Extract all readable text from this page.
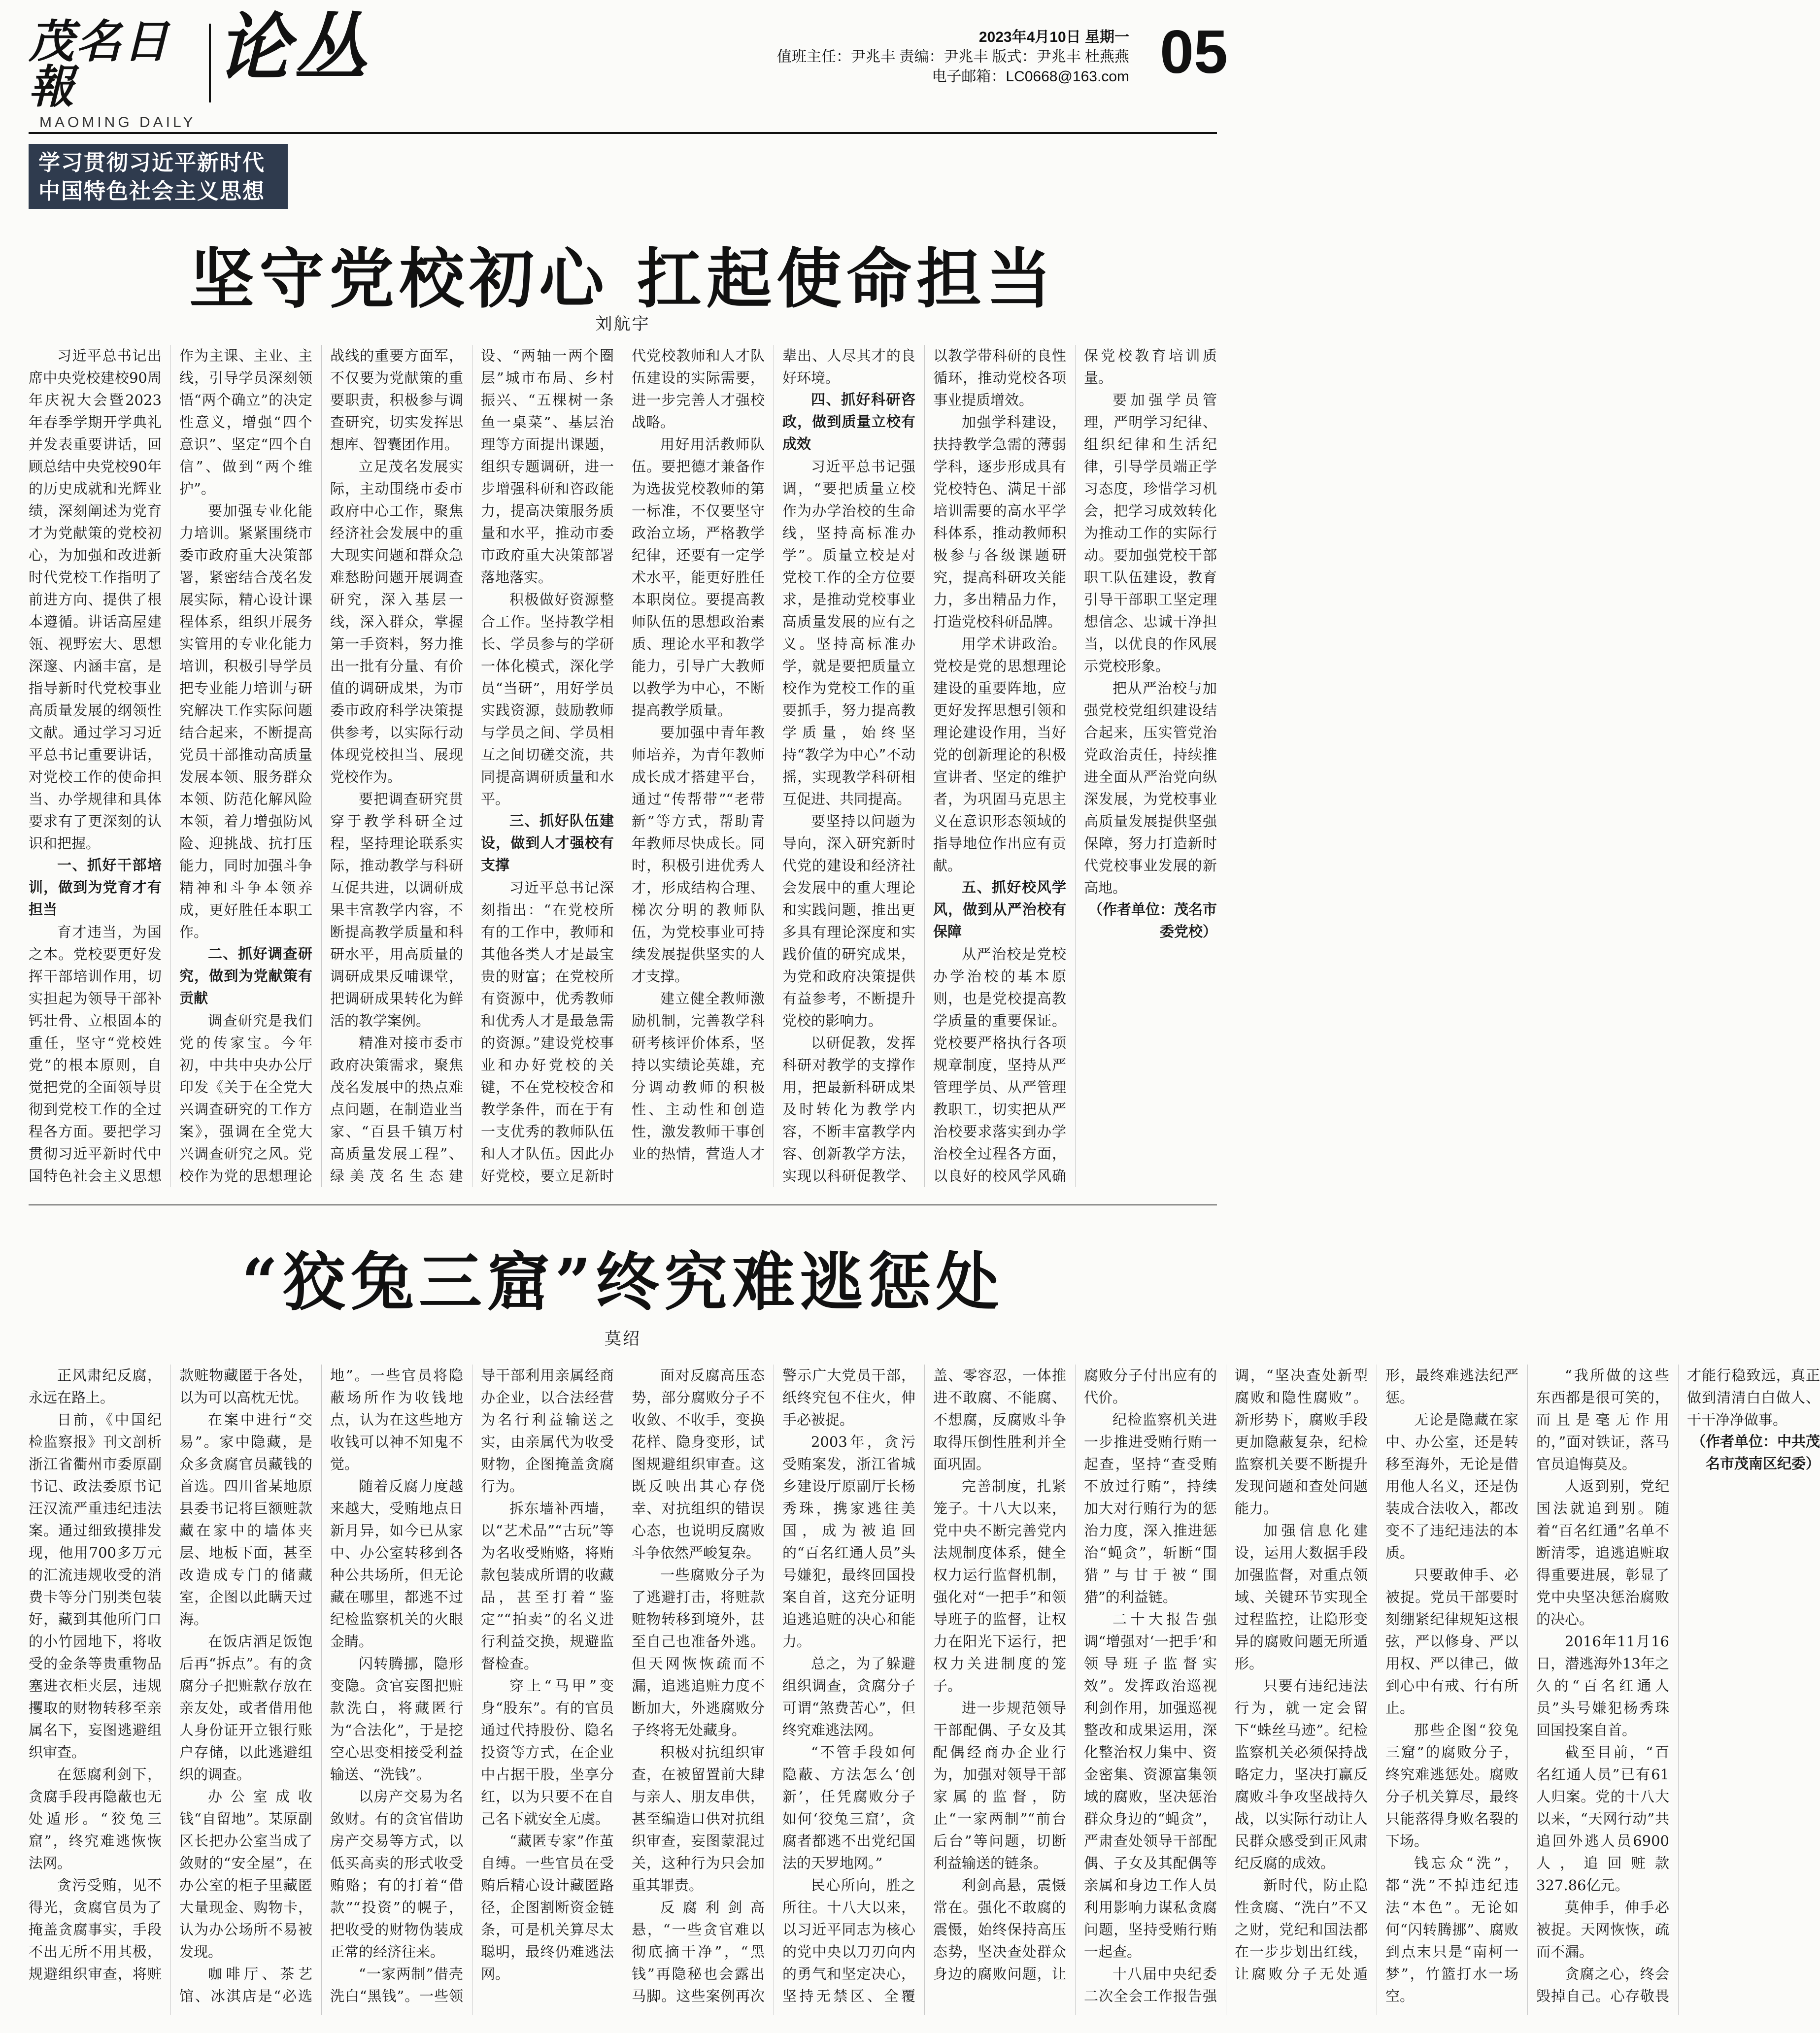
茂名日報
MAOMING DAILY
论丛	2023年4月10日 星期一
值班主任：尹兆丰 责编：尹兆丰 版式：尹兆丰 杜燕燕
电子邮箱：LC0668@163.com 05
学习贯彻习近平新时代
中国特色社会主义思想
坚守党校初心 扛起使命担当
刘航宇

习近平总书记出席中央党校建校90周年庆祝大会暨2023年春季学期开学典礼并发表重要讲话，回顾总结中央党校90年的历史成就和光辉业绩，深刻阐述为党育才为党献策的党校初心，为加强和改进新时代党校工作指明了前进方向、提供了根本遵循。讲话高屋建瓴、视野宏大、思想深邃、内涵丰富，是指导新时代党校事业高质量发展的纲领性文献。通过学习习近平总书记重要讲话，对党校工作的使命担当、办学规律和具体要求有了更深刻的认识和把握。

一、抓好干部培训，做到为党育才有担当

育才违当，为国之本。党校要更好发挥干部培训作用，切实担起为领导干部补钙壮骨、立根固本的重任，坚守“党校姓党”的根本原则，自觉把党的全面领导贯彻到党校工作的全过程各方面。要把学习贯彻习近平新时代中国特色社会主义思想作为主课、主业、主线，引导学员深刻领悟“两个确立”的决定性意义，增强“四个意识”、坚定“四个自信”、做到“两个维护”。

要加强专业化能力培训。紧紧围绕市委市政府重大决策部署，紧密结合茂名发展实际，精心设计课程体系，组织开展务实管用的专业化能力培训，积极引导学员把专业能力培训与研究解决工作实际问题结合起来，不断提高党员干部推动高质量发展本领、服务群众本领、防范化解风险本领，着力增强防风险、迎挑战、抗打压能力，同时加强斗争精神和斗争本领养成，更好胜任本职工作。

二、抓好调查研究，做到为党献策有贡献

调查研究是我们党的传家宝。今年初，中共中央办公厅印发《关于在全党大兴调查研究的工作方案》，强调在全党大兴调查研究之风。党校作为党的思想理论战线的重要方面军，不仅要为党献策的重要职责，积极参与调查研究，切实发挥思想库、智囊团作用。

立足茂名发展实际，主动围绕市委市政府中心工作，聚焦经济社会发展中的重大现实问题和群众急难愁盼问题开展调查研究，深入基层一线，深入群众，掌握第一手资料，努力推出一批有分量、有价值的调研成果，为市委市政府科学决策提供参考，以实际行动体现党校担当、展现党校作为。

要把调查研究贯穿于教学科研全过程，坚持理论联系实际，推动教学与科研互促共进，以调研成果丰富教学内容，不断提高教学质量和科研水平，用高质量的调研成果反哺课堂，把调研成果转化为鲜活的教学案例。

精准对接市委市政府决策需求，聚焦茂名发展中的热点难点问题，在制造业当家、“百县千镇万村高质量发展工程”、绿美茂名生态建设、“两轴一两个圈层”城市布局、乡村振兴、“五棵树一条鱼一桌菜”、基层治理等方面提出课题，组织专题调研，进一步增强科研和咨政能力，提高决策服务质量和水平，推动市委市政府重大决策部署落地落实。

积极做好资源整合工作。坚持教学相长、学员参与的学研一体化模式，深化学员“当研”，用好学员实践资源，鼓励教师与学员之间、学员相互之间切磋交流，共同提高调研质量和水平。

三、抓好队伍建设，做到人才强校有支撑

习近平总书记深刻指出：“在党校所有的工作中，教师和其他各类人才是最宝贵的财富；在党校所有资源中，优秀教师和优秀人才是最急需的资源。”建设党校事业和办好党校的关键，不在党校校舍和教学条件，而在于有一支优秀的教师队伍和人才队伍。因此办好党校，要立足新时代党校教师和人才队伍建设的实际需要，进一步完善人才强校战略。

用好用活教师队伍。要把德才兼备作为选拔党校教师的第一标准，不仅要坚守政治立场，严格教学纪律，还要有一定学术水平，能更好胜任本职岗位。要提高教师队伍的思想政治素质、理论水平和教学能力，引导广大教师以教学为中心，不断提高教学质量。

要加强中青年教师培养，为青年教师成长成才搭建平台，通过“传帮带”“老带新”等方式，帮助青年教师尽快成长。同时，积极引进优秀人才，形成结构合理、梯次分明的教师队伍，为党校事业可持续发展提供坚实的人才支撑。

建立健全教师激励机制，完善教学科研考核评价体系，坚持以实绩论英雄，充分调动教师的积极性、主动性和创造性，激发教师干事创业的热情，营造人才辈出、人尽其才的良好环境。

四、抓好科研咨政，做到质量立校有成效

习近平总书记强调，“要把质量立校作为办学治校的生命线，坚持高标准办学”。质量立校是对党校工作的全方位要求，是推动党校事业高质量发展的应有之义。坚持高标准办学，就是要把质量立校作为党校工作的重要抓手，努力提高教学质量，始终坚持“教学为中心”不动摇，实现教学科研相互促进、共同提高。

要坚持以问题为导向，深入研究新时代党的建设和经济社会发展中的重大理论和实践问题，推出更多具有理论深度和实践价值的研究成果，为党和政府决策提供有益参考，不断提升党校的影响力。

以研促教，发挥科研对教学的支撑作用，把最新科研成果及时转化为教学内容，不断丰富教学内容、创新教学方法，实现以科研促教学、以教学带科研的良性循环，推动党校各项事业提质增效。

加强学科建设，扶持教学急需的薄弱学科，逐步形成具有党校特色、满足干部培训需要的高水平学科体系，推动教师积极参与各级课题研究，提高科研攻关能力，多出精品力作，打造党校科研品牌。

用学术讲政治。党校是党的思想理论建设的重要阵地，应更好发挥思想引领和理论建设作用，当好党的创新理论的积极宣讲者、坚定的维护者，为巩固马克思主义在意识形态领域的指导地位作出应有贡献。

五、抓好校风学风，做到从严治校有保障

从严治校是党校办学治校的基本原则，也是党校提高教学质量的重要保证。党校要严格执行各项规章制度，坚持从严管理学员、从严管理教职工，切实把从严治校要求落实到办学治校全过程各方面，以良好的校风学风确保党校教育培训质量。

要加强学员管理，严明学习纪律、组织纪律和生活纪律，引导学员端正学习态度，珍惜学习机会，把学习成效转化为推动工作的实际行动。要加强党校干部职工队伍建设，教育引导干部职工坚定理想信念、忠诚干净担当，以优良的作风展示党校形象。

把从严治校与加强党校党组织建设结合起来，压实管党治党政治责任，持续推进全面从严治党向纵深发展，为党校事业高质量发展提供坚强保障，努力打造新时代党校事业发展的新高地。

（作者单位：茂名市委党校）

“狡兔三窟”终究难逃惩处
莫绍

正风肃纪反腐，永远在路上。

日前，《中国纪检监察报》刊文剖析浙江省衢州市委原副书记、政法委原书记汪汉流严重违纪违法案。通过细致摸排发现，他用700多万元的汇流违规收受的消费卡等分门别类包装好，藏到其他所门口的小竹园地下，将收受的金条等贵重物品塞进衣柜夹层，违规攫取的财物转移至亲属名下，妄图逃避组织审查。

在惩腐利剑下，贪腐手段再隐蔽也无处遁形。“狡兔三窟”，终究难逃恢恢法网。

贪污受贿，见不得光，贪腐官员为了掩盖贪腐事实，手段不出无所不用其极，规避组织审查，将赃款赃物藏匿于各处，以为可以高枕无忧。

在案中进行“交易”。家中隐藏，是众多贪腐官员藏钱的首选。四川省某地原县委书记将巨额赃款藏在家中的墙体夹层、地板下面，甚至改造成专门的储藏室，企图以此瞒天过海。

在饭店酒足饭饱后再“拆点”。有的贪腐分子把赃款存放在亲友处，或者借用他人身份证开立银行账户存储，以此逃避组织的调查。

办公室成收钱“自留地”。某原副区长把办公室当成了敛财的“安全屋”，在办公室的柜子里藏匿大量现金、购物卡，认为办公场所不易被发现。

咖啡厅、茶艺馆、冰淇店是“必选地”。一些官员将隐蔽场所作为收钱地点，认为在这些地方收钱可以神不知鬼不觉。

随着反腐力度越来越大，受贿地点日新月异，如今已从家中、办公室转移到各种公共场所，但无论藏在哪里，都逃不过纪检监察机关的火眼金睛。

闪转腾挪，隐形变隐。贪官妄图把赃款洗白，将藏匿行为“合法化”，于是挖空心思变相接受利益输送、“洗钱”。

以房产交易为名敛财。有的贪官借助房产交易等方式，以低买高卖的形式收受贿赂；有的打着“借款”“投资”的幌子，把收受的财物伪装成正常的经济往来。

“一家两制”借壳洗白“黑钱”。一些领导干部利用亲属经商办企业，以合法经营为名行利益输送之实，由亲属代为收受财物，企图掩盖贪腐行为。

拆东墙补西墙，以“艺术品”“古玩”等为名收受贿赂，将贿款包装成所谓的收藏品，甚至打着“鉴定”“拍卖”的名义进行利益交换，规避监督检查。

穿上“马甲”变身“股东”。有的官员通过代持股份、隐名投资等方式，在企业中占据干股，坐享分红，以为只要不在自己名下就安全无虞。

“藏匿专家”作茧自缚。一些官员在受贿后精心设计藏匿路径，企图割断资金链条，可是机关算尽太聪明，最终仍难逃法网。

面对反腐高压态势，部分腐败分子不收敛、不收手，变换花样、隐身变形，试图规避组织审查。这既反映出其心存侥幸、对抗组织的错误心态，也说明反腐败斗争依然严峻复杂。

一些腐败分子为了逃避打击，将赃款赃物转移到境外，甚至自己也准备外逃。但天网恢恢疏而不漏，追逃追赃力度不断加大，外逃腐败分子终将无处藏身。

积极对抗组织审查，在被留置前大肆与亲人、朋友串供，甚至编造口供对抗组织审查，妄图蒙混过关，这种行为只会加重其罪责。

反腐利剑高悬，“一些贪官难以彻底摘干净”，“黑钱”再隐秘也会露出马脚。这些案例再次警示广大党员干部，纸终究包不住火，伸手必被捉。

2003年，贪污受贿案发，浙江省城乡建设厅原副厅长杨秀珠，携家逃往美国，成为被追回的“百名红通人员”头号嫌犯，最终回国投案自首，这充分证明追逃追赃的决心和能力。

总之，为了躲避组织调查，贪腐分子可谓“煞费苦心”，但终究难逃法网。

“不管手段如何隐蔽、方法怎么‘创新’，任凭腐败分子如何‘狡兔三窟’，贪腐者都逃不出党纪国法的天罗地网。”

民心所向，胜之所往。十八大以来，以习近平同志为核心的党中央以刀刃向内的勇气和坚定决心，坚持无禁区、全覆盖、零容忍，一体推进不敢腐、不能腐、不想腐，反腐败斗争取得压倒性胜利并全面巩固。

完善制度，扎紧笼子。十八大以来，党中央不断完善党内法规制度体系，健全权力运行监督机制，强化对“一把手”和领导班子的监督，让权力在阳光下运行，把权力关进制度的笼子。

进一步规范领导干部配偶、子女及其配偶经商办企业行为，加强对领导干部家属的监督，防止“一家两制”“前台后台”等问题，切断利益输送的链条。

利剑高悬，震慑常在。强化不敢腐的震慑，始终保持高压态势，坚决查处群众身边的腐败问题，让腐败分子付出应有的代价。

纪检监察机关进一步推进受贿行贿一起查，坚持“查受贿不放过行贿”，持续加大对行贿行为的惩治力度，深入推进惩治“蝇贪”，斩断“围猎”与甘于被“围猎”的利益链。

二十大报告强调“增强对‘一把手’和领导班子监督实效”。发挥政治巡视利剑作用，加强巡视整改和成果运用，深化整治权力集中、资金密集、资源富集领域的腐败，坚决惩治群众身边的“蝇贪”，严肃查处领导干部配偶、子女及其配偶等亲属和身边工作人员利用影响力谋私贪腐问题，坚持受贿行贿一起查。

十八届中央纪委二次全会工作报告强调，“坚决查处新型腐败和隐性腐败”。新形势下，腐败手段更加隐蔽复杂，纪检监察机关要不断提升发现问题和查处问题能力。

加强信息化建设，运用大数据手段加强监督，对重点领域、关键环节实现全过程监控，让隐形变异的腐败问题无所遁形。

只要有违纪违法行为，就一定会留下“蛛丝马迹”。纪检监察机关必须保持战略定力，坚决打赢反腐败斗争攻坚战持久战，以实际行动让人民群众感受到正风肃纪反腐的成效。

新时代，防止隐性贪腐、“洗白”不又之财，党纪和国法都在一步步划出红线，让腐败分子无处遁形，最终难逃法纪严惩。

无论是隐藏在家中、办公室，还是转移至海外，无论是借用他人名义，还是伪装成合法收入，都改变不了违纪违法的本质。

只要敢伸手、必被捉。党员干部要时刻绷紧纪律规矩这根弦，严以修身、严以用权、严以律己，做到心中有戒、行有所止。

那些企图“狡兔三窟”的腐败分子，终究难逃惩处。腐败分子机关算尽，最终只能落得身败名裂的下场。

钱忘众“洗”，都“洗”不掉违纪违法“本色”。无论如何“闪转腾挪”、腐败到点末只是“南柯一梦”，竹篮打水一场空。

“我所做的这些东西都是很可笑的，而且是毫无作用的，”面对铁证，落马官员追悔莫及。

人返到别，党纪国法就追到别。随着“百名红通”名单不断清零，追逃追赃取得重要进展，彰显了党中央坚决惩治腐败的决心。

2016年11月16日，潜逃海外13年之久的“百名红通人员”头号嫌犯杨秀珠回国投案自首。

截至目前，“百名红通人员”已有61人归案。党的十八大以来，“天网行动”共追回外逃人员6900人，追回赃款327.86亿元。

莫伸手，伸手必被捉。天网恢恢，疏而不漏。

贪腐之心，终会毁掉自己。心存敬畏才能行稳致远，真正做到清清白白做人、干干净净做事。

（作者单位：中共茂名市茂南区纪委）
